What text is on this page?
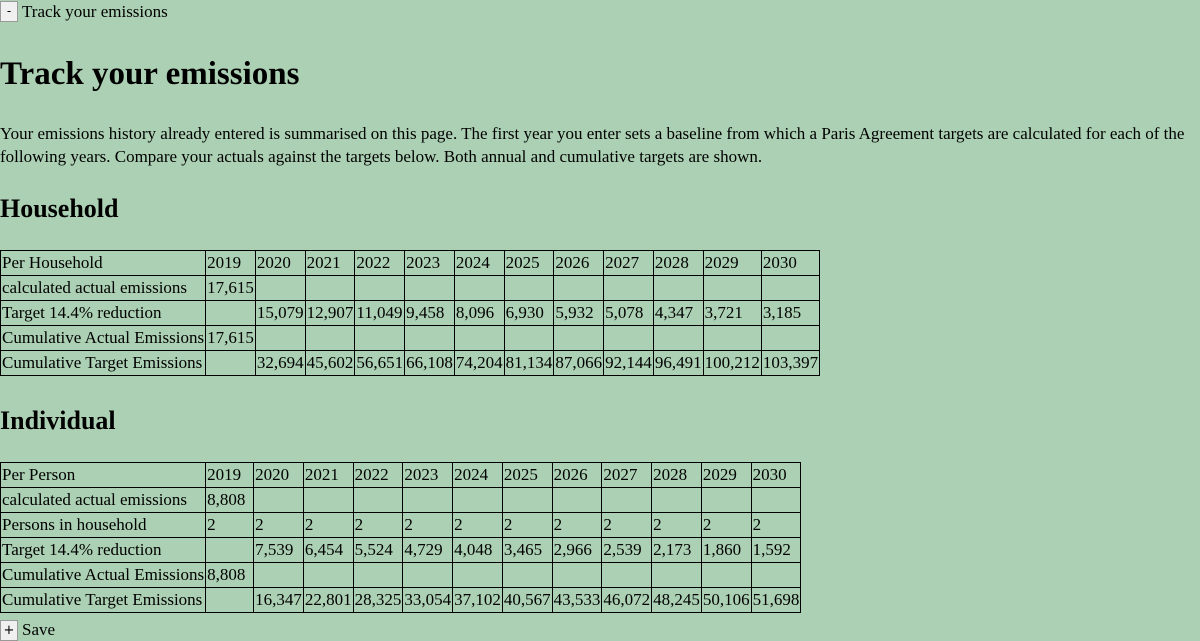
- Track your emissions
Track your emissions

Your emissions history already entered is summarised on this page. The first year you enter sets a baseline from which a Paris Agreement targets are calculated for each of the following years. Compare your actuals against the targets below. Both annual and cumulative targets are shown.

Household
Per Household	2019	2020	2021	2022	2023	2024	2025	2026	2027	2028	2029	2030
calculated actual emissions	17,615											
Target 14.4% reduction		15,079	12,907	11,049	9,458	8,096	6,930	5,932	5,078	4,347	3,721	3,185
Cumulative Actual Emissions	17,615											
Cumulative Target Emissions		32,694	45,602	56,651	66,108	74,204	81,134	87,066	92,144	96,491	100,212	103,397
Individual
Per Person	2019	2020	2021	2022	2023	2024	2025	2026	2027	2028	2029	2030
calculated actual emissions	8,808											
Persons in household	2	2	2	2	2	2	2	2	2	2	2	2
Target 14.4% reduction		7,539	6,454	5,524	4,729	4,048	3,465	2,966	2,539	2,173	1,860	1,592
Cumulative Actual Emissions	8,808											
Cumulative Target Emissions		16,347	22,801	28,325	33,054	37,102	40,567	43,533	46,072	48,245	50,106	51,698
+ Save
